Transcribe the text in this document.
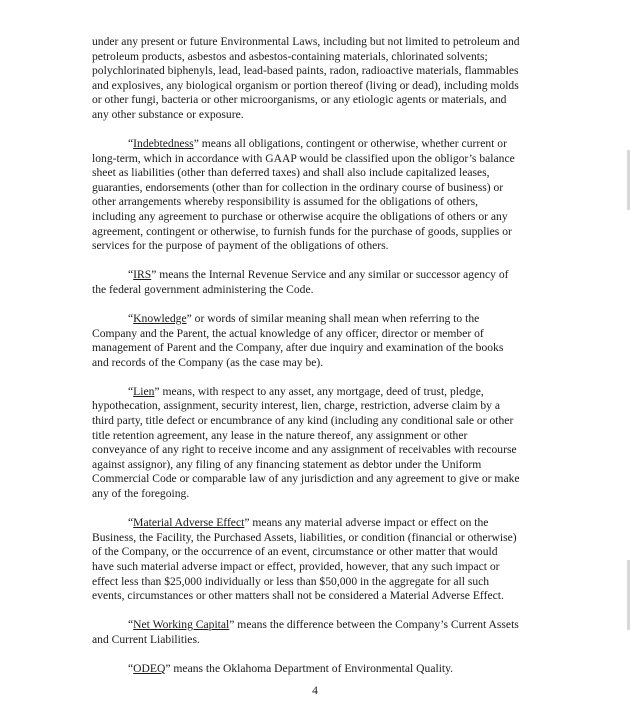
under any present or future Environmental Laws, including but not limited to petroleum and petroleum products, asbestos and asbestos-containing materials, chlorinated solvents; polychlorinated biphenyls, lead, lead-based paints, radon, radioactive materials, flammables and explosives, any biological organism or portion thereof (living or dead), including molds or other fungi, bacteria or other microorganisms, or any etiologic agents or materials, and any other substance or exposure.

“Indebtedness” means all obligations, contingent or otherwise, whether current or long-term, which in accordance with GAAP would be classified upon the obligor’s balance sheet as liabilities (other than deferred taxes) and shall also include capitalized leases, guaranties, endorsements (other than for collection in the ordinary course of business) or other arrangements whereby responsibility is assumed for the obligations of others, including any agreement to purchase or otherwise acquire the obligations of others or any agreement, contingent or otherwise, to furnish funds for the purchase of goods, supplies or services for the purpose of payment of the obligations of others.

“IRS” means the Internal Revenue Service and any similar or successor agency of the federal government administering the Code.

“Knowledge” or words of similar meaning shall mean when referring to the Company and the Parent, the actual knowledge of any officer, director or member of management of Parent and the Company, after due inquiry and examination of the books and records of the Company (as the case may be).

“Lien” means, with respect to any asset, any mortgage, deed of trust, pledge, hypothecation, assignment, security interest, lien, charge, restriction, adverse claim by a third party, title defect or encumbrance of any kind (including any conditional sale or other title retention agreement, any lease in the nature thereof, any assignment or other conveyance of any right to receive income and any assignment of receivables with recourse against assignor), any filing of any financing statement as debtor under the Uniform Commercial Code or comparable law of any jurisdiction and any agreement to give or make any of the foregoing.

“Material Adverse Effect” means any material adverse impact or effect on the Business, the Facility, the Purchased Assets, liabilities, or condition (financial or otherwise) of the Company, or the occurrence of an event, circumstance or other matter that would have such material adverse impact or effect, provided, however, that any such impact or effect less than $25,000 individually or less than $50,000 in the aggregate for all such events, circumstances or other matters shall not be considered a Material Adverse Effect.

“Net Working Capital” means the difference between the Company’s Current Assets and Current Liabilities.

“ODEQ” means the Oklahoma Department of Environmental Quality.

4
